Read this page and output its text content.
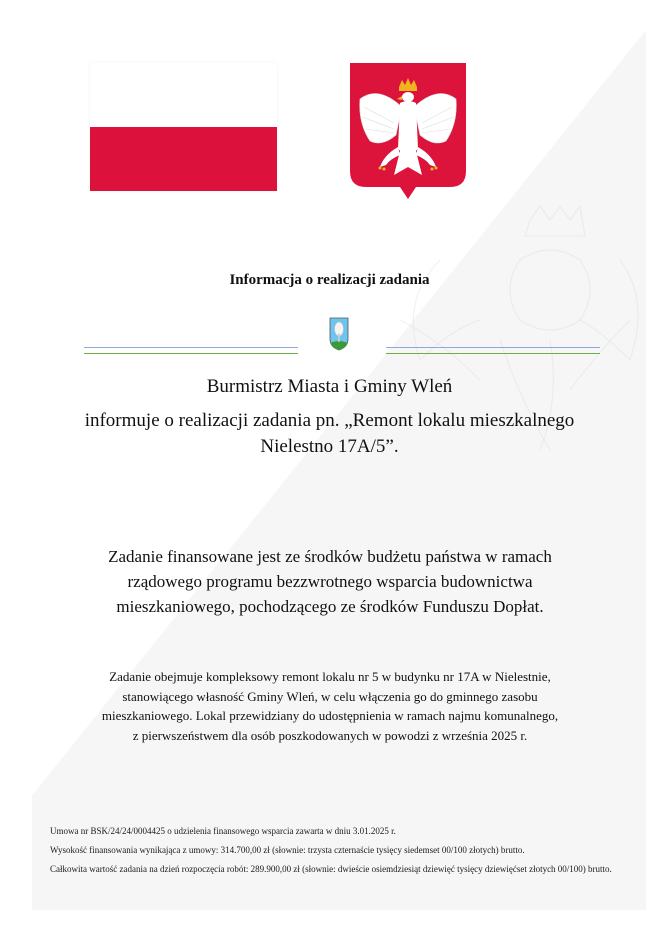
Informacja o realizacji zadania
Burmistrz Miasta i Gminy Wleń
informuje o realizacji zadania pn. „Remont lokalu mieszkalnego
Nielestno 17A/5”.
Zadanie finansowane jest ze środków budżetu państwa w ramach
rządowego programu bezzwrotnego wsparcia budownictwa
mieszkaniowego, pochodzącego ze środków Funduszu Dopłat.
Zadanie obejmuje kompleksowy remont lokalu nr 5 w budynku nr 17A w Nielestnie,
stanowiącego własność Gminy Wleń, w celu włączenia go do gminnego zasobu
mieszkaniowego. Lokal przewidziany do udostępnienia w ramach najmu komunalnego,
z pierwszeństwem dla osób poszkodowanych w powodzi z września 2025 r.

Umowa nr BSK/24/24/0004425 o udzielenia finansowego wsparcia zawarta w dniu 3.01.2025 r.

Wysokość finansowania wynikająca z umowy: 314.700,00 zł (słownie: trzysta czternaście tysięcy siedemset 00/100 złotych) brutto.

Całkowita wartość zadania na dzień rozpoczęcia robót: 289.900,00 zł (słownie: dwieście osiemdziesiąt dziewięć tysięcy dziewięćset złotych 00/100) brutto.
